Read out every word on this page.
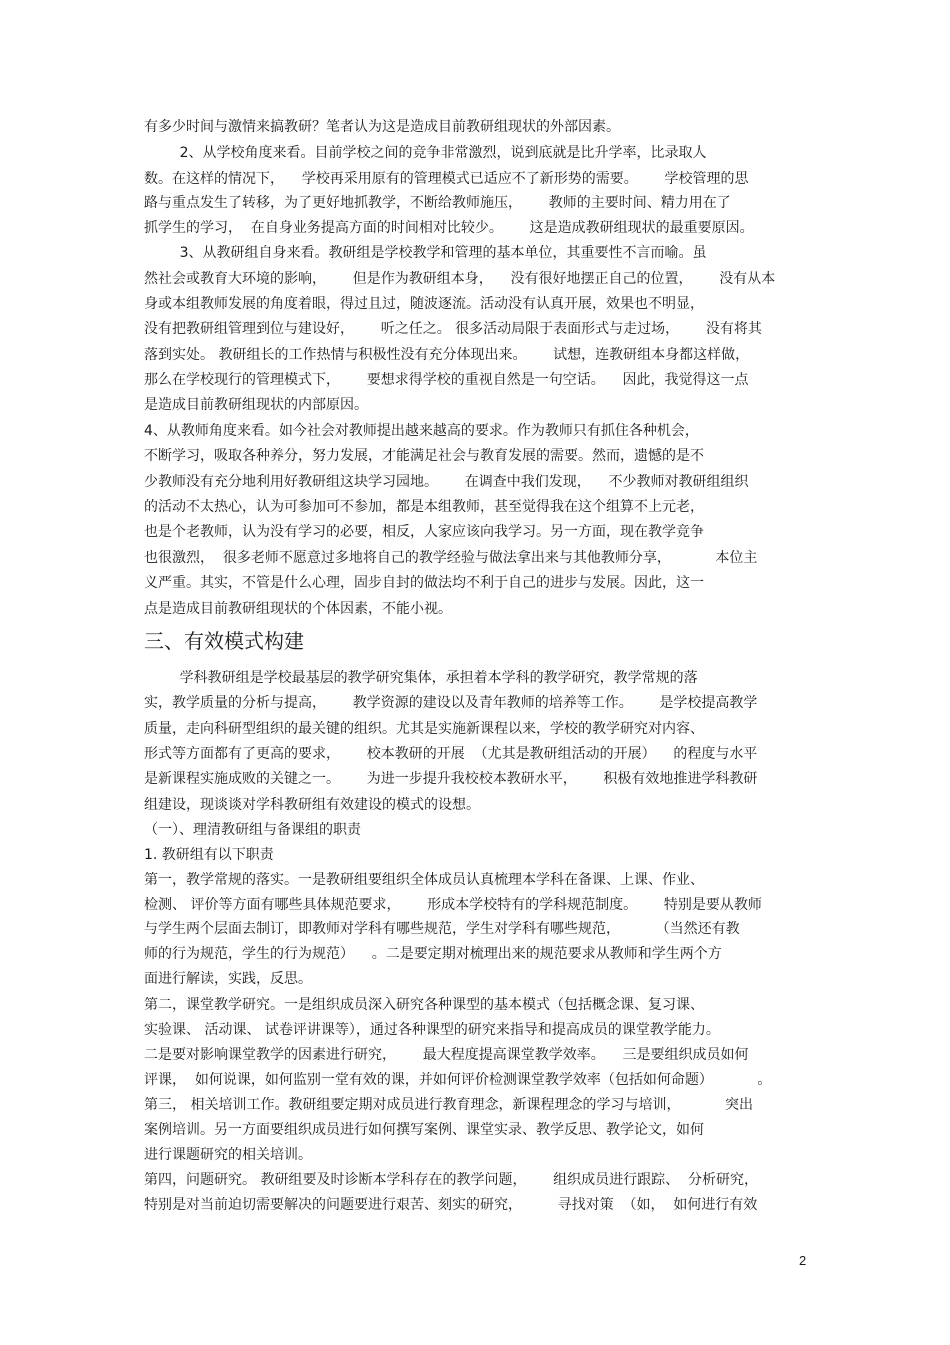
有多少时间与激情来搞教研？笔者认为这是造成目前教研组现状的外部因素。
2、从学校角度来看。目前学校之间的竞争非常激烈，说到底就是比升学率，比录取人
数。在这样的情况下，    学校再采用原有的管理模式已适应不了新形势的需要。      学校管理的思
路与重点发生了转移，为了更好地抓教学，不断给教师施压，      教师的主要时间、精力用在了
抓学生的学习，  在自身业务提高方面的时间相对比较少。      这是造成教研组现状的最重要原因。
3、从教研组自身来看。教研组是学校教学和管理的基本单位，其重要性不言而喻。虽
然社会或教育大环境的影响，      但是作为教研组本身，    没有很好地摆正自己的位置，      没有从本
身或本组教师发展的角度着眼，得过且过，随波逐流。活动没有认真开展，效果也不明显，
没有把教研组管理到位与建设好，      听之任之。 很多活动局限于表面形式与走过场，      没有将其
落到实处。 教研组长的工作热情与积极性没有充分体现出来。      试想，连教研组本身都这样做，
那么在学校现行的管理模式下，      要想求得学校的重视自然是一句空话。    因此，我觉得这一点
是造成目前教研组现状的内部原因。
4、从教师角度来看。如今社会对教师提出越来越高的要求。作为教师只有抓住各种机会，
不断学习，吸取各种养分，努力发展，才能满足社会与教育发展的需要。然而，遗憾的是不
少教师没有充分地利用好教研组这块学习园地。      在调查中我们发现，    不少教师对教研组组织
的活动不太热心，认为可参加可不参加，都是本组教师，甚至觉得我在这个组算不上元老，
也是个老教师，认为没有学习的必要，相反，人家应该向我学习。另一方面，现在教学竞争
也很激烈，  很多老师不愿意过多地将自己的教学经验与做法拿出来与其他教师分享，          本位主
义严重。其实，不管是什么心理，固步自封的做法均不利于自己的进步与发展。因此，这一
点是造成目前教研组现状的个体因素，不能小视。
三、有效模式构建
学科教研组是学校最基层的教学研究集体，承担着本学科的教学研究，教学常规的落
实，教学质量的分析与提高，      教学资源的建设以及青年教师的培养等工作。      是学校提高教学
质量，走向科研型组织的最关键的组织。尤其是实施新课程以来，学校的教学研究对内容、
形式等方面都有了更高的要求，      校本教研的开展  （尤其是教研组活动的开展）    的程度与水平
是新课程实施成败的关键之一。      为进一步提升我校校本教研水平，      积极有效地推进学科教研
组建设，现谈谈对学科教研组有效建设的模式的设想。
（一）、理清教研组与备课组的职责
1. 教研组有以下职责
第一，教学常规的落实。一是教研组要组织全体成员认真梳理本学科在备课、上课、作业、
检测、 评价等方面有哪些具体规范要求，      形成本学校特有的学科规范制度。      特别是要从教师
与学生两个层面去制订，即教师对学科有哪些规范，学生对学科有哪些规范，        （当然还有教
师的行为规范，学生的行为规范）    。二是要定期对梳理出来的规范要求从教师和学生两个方
面进行解读，实践，反思。
第二，课堂教学研究。一是组织成员深入研究各种课型的基本模式（包括概念课、复习课、
实验课、 活动课、 试卷评讲课等），通过各种课型的研究来指导和提高成员的课堂教学能力。
二是要对影响课堂教学的因素进行研究，      最大程度提高课堂教学效率。    三是要组织成员如何
评课，  如何说课，如何监别一堂有效的课，并如何评价检测课堂教学效率（包括如何命题）          。
第三， 相关培训工作。教研组要定期对成员进行教育理念，新课程理念的学习与培训，          突出
案例培训。另一方面要组织成员进行如何撰写案例、课堂实录、教学反思、教学论文，如何
进行课题研究的相关培训。
第四，问题研究。 教研组要及时诊断本学科存在的教学问题，      组织成员进行跟踪、  分析研究，
特别是对当前迫切需要解决的问题要进行艰苦、刻实的研究，        寻找对策  （如，  如何进行有效
2
